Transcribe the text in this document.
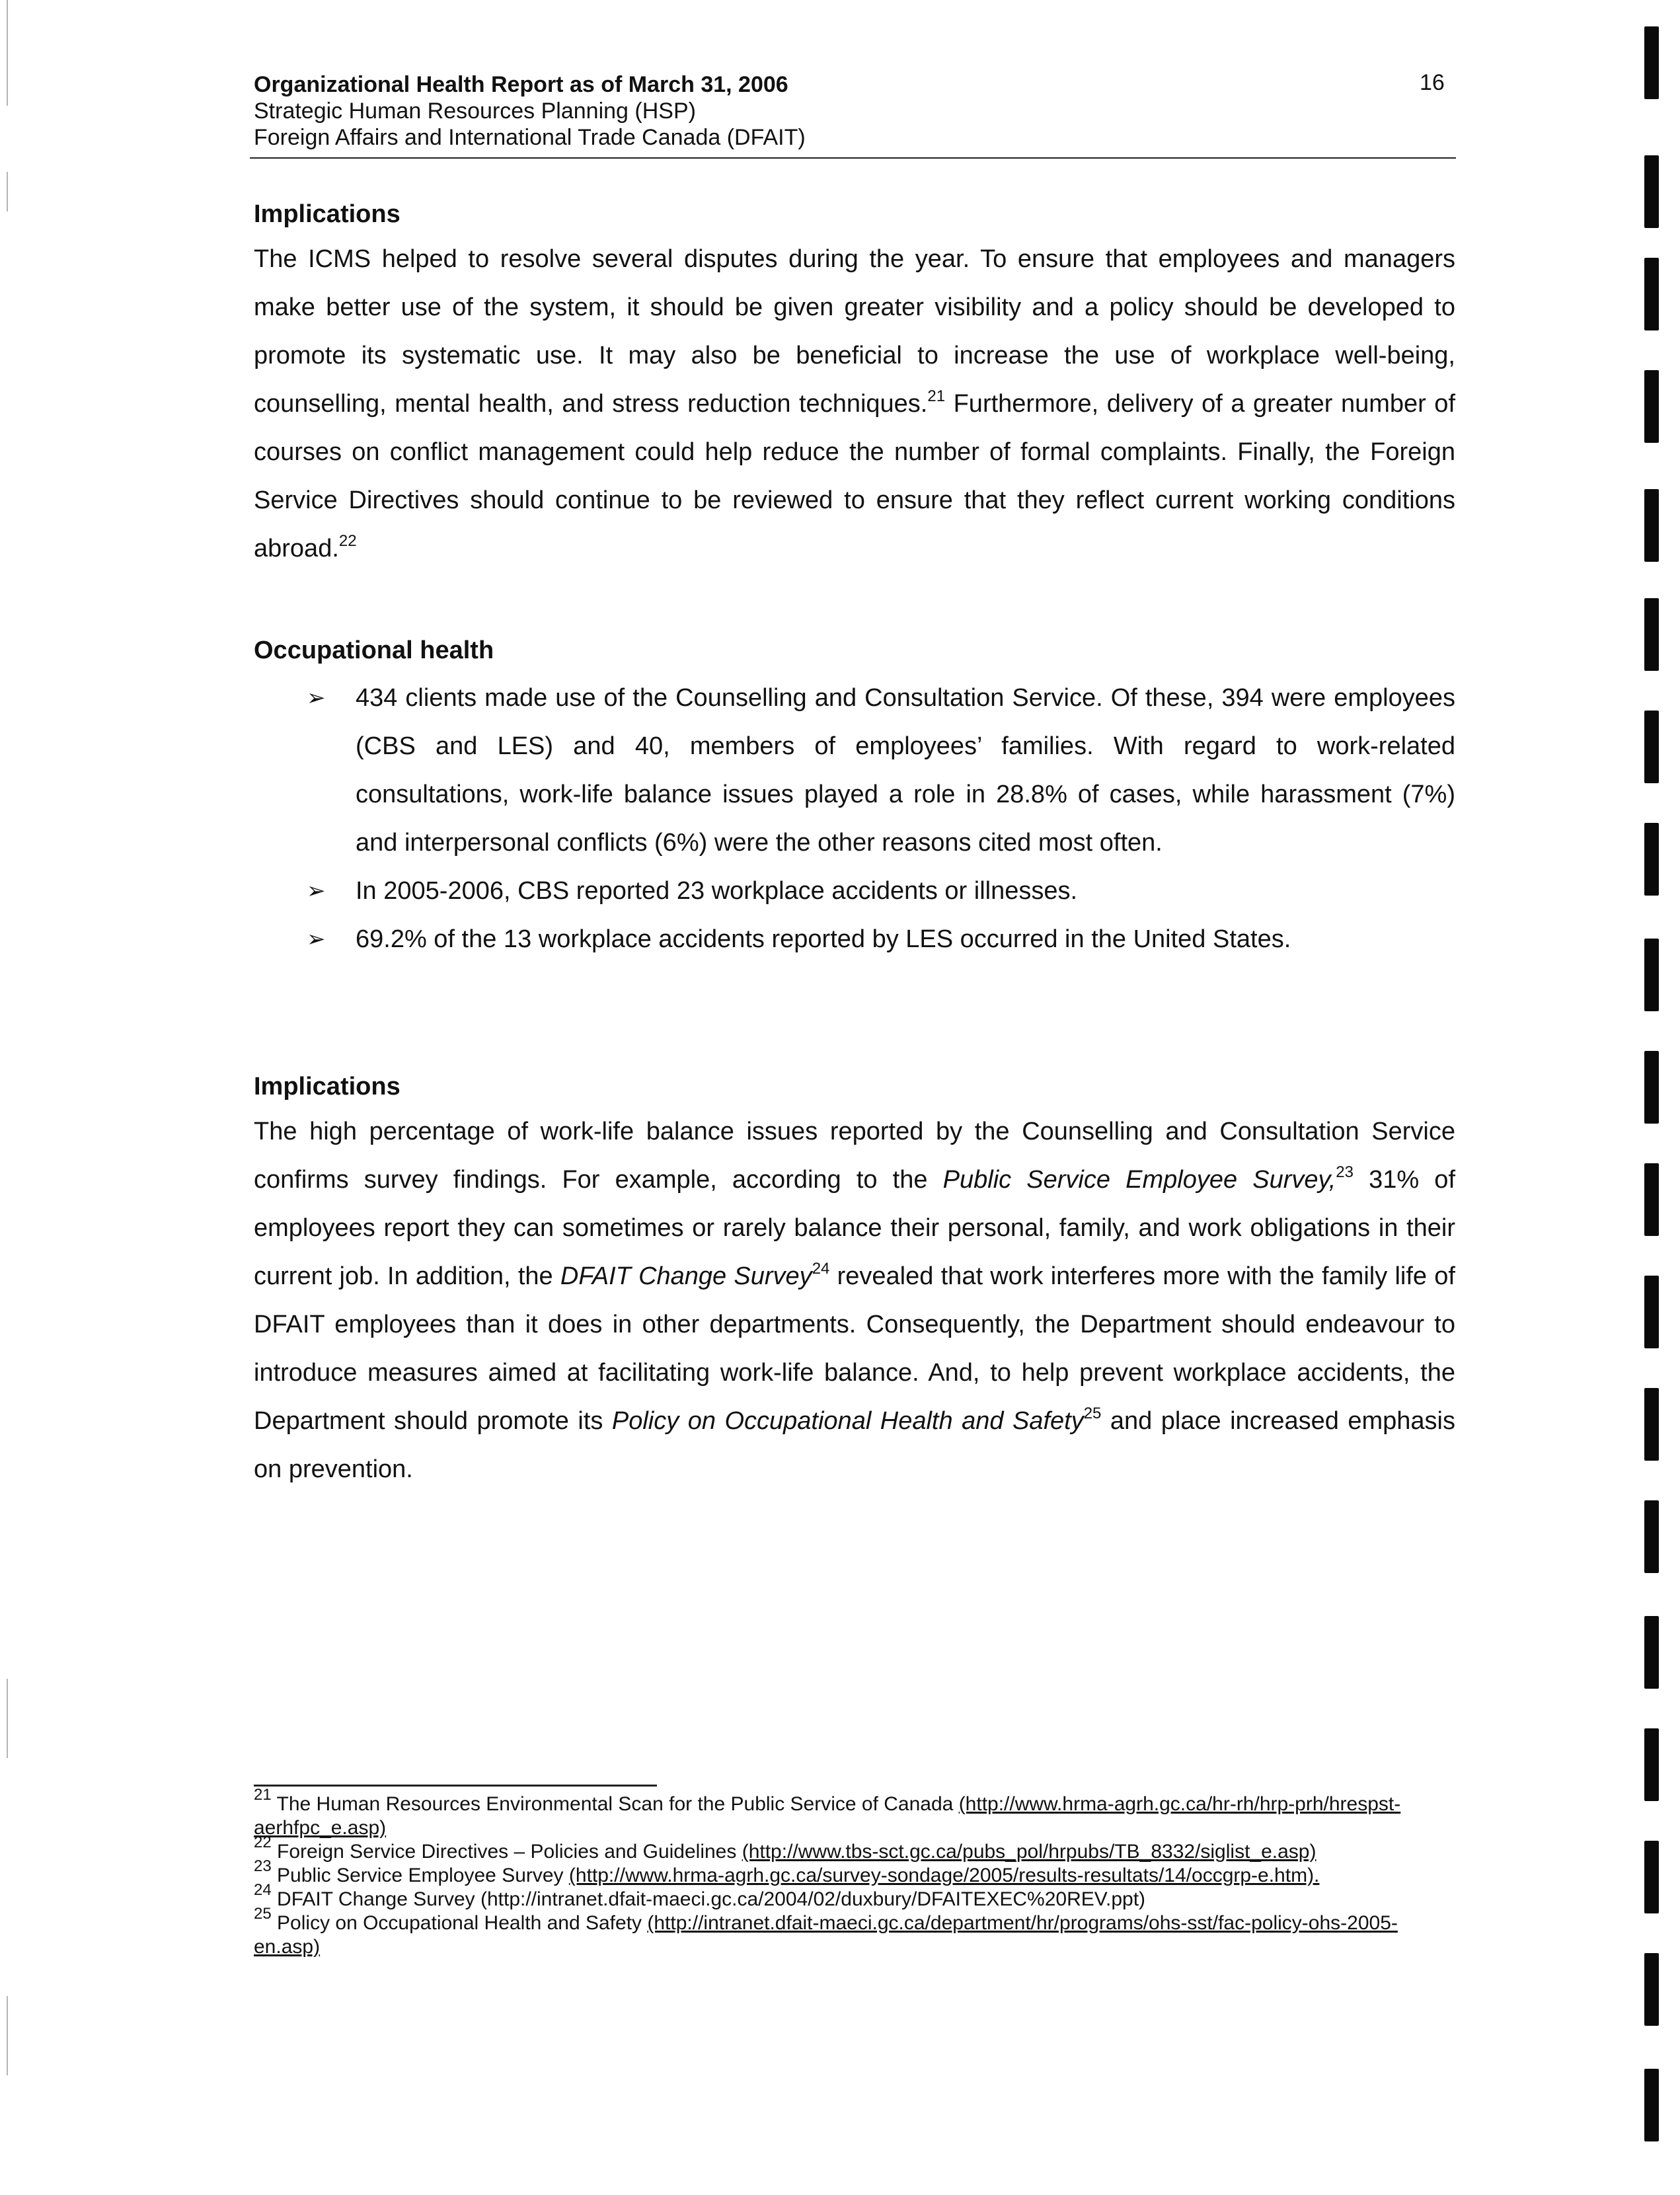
Organizational Health Report as of March 31, 2006
Strategic Human Resources Planning (HSP)
Foreign Affairs and International Trade Canada (DFAIT)
16

Implications

The ICMS helped to resolve several disputes during the year. To ensure that employees and managers make better use of the system, it should be given greater visibility and a policy should be developed to promote its systematic use. It may also be beneficial to increase the use of workplace well-being, counselling, mental health, and stress reduction techniques.$^{21}$ Furthermore, delivery of a greater number of courses on conflict management could help reduce the number of formal complaints. Finally, the Foreign Service Directives should continue to be reviewed to ensure that they reflect current working conditions abroad.$^{22}$

Occupational health

➢ 434 clients made use of the Counselling and Consultation Service. Of these, 394 were employees (CBS and LES) and 40, members of employees’ families. With regard to work-related consultations, work-life balance issues played a role in 28.8% of cases, while harassment (7%) and interpersonal conflicts (6%) were the other reasons cited most often.
➢ In 2005-2006, CBS reported 23 workplace accidents or illnesses.
➢ 69.2% of the 13 workplace accidents reported by LES occurred in the United States.

Implications

The high percentage of work-life balance issues reported by the Counselling and Consultation Service confirms survey findings. For example, according to the Public Service Employee Survey,$^{23}$ 31% of employees report they can sometimes or rarely balance their personal, family, and work obligations in their current job. In addition, the DFAIT Change Survey$^{24}$ revealed that work interferes more with the family life of DFAIT employees than it does in other departments. Consequently, the Department should endeavour to introduce measures aimed at facilitating work-life balance. And, to help prevent workplace accidents, the Department should promote its Policy on Occupational Health and Safety$^{25}$ and place increased emphasis on prevention.

$^{21}$ The Human Resources Environmental Scan for the Public Service of Canada (http://www.hrma-agrh.gc.ca/hr-rh/hrp-prh/hrespst-aerhfpc_e.asp)
$^{22}$ Foreign Service Directives – Policies and Guidelines (http://www.tbs-sct.gc.ca/pubs_pol/hrpubs/TB_8332/siglist_e.asp)
$^{23}$ Public Service Employee Survey (http://www.hrma-agrh.gc.ca/survey-sondage/2005/results-resultats/14/occgrp-e.htm).
$^{24}$ DFAIT Change Survey (http://intranet.dfait-maeci.gc.ca/2004/02/duxbury/DFAITEXEC%20REV.ppt)
$^{25}$ Policy on Occupational Health and Safety (http://intranet.dfait-maeci.gc.ca/department/hr/programs/ohs-sst/fac-policy-ohs-2005-en.asp)
